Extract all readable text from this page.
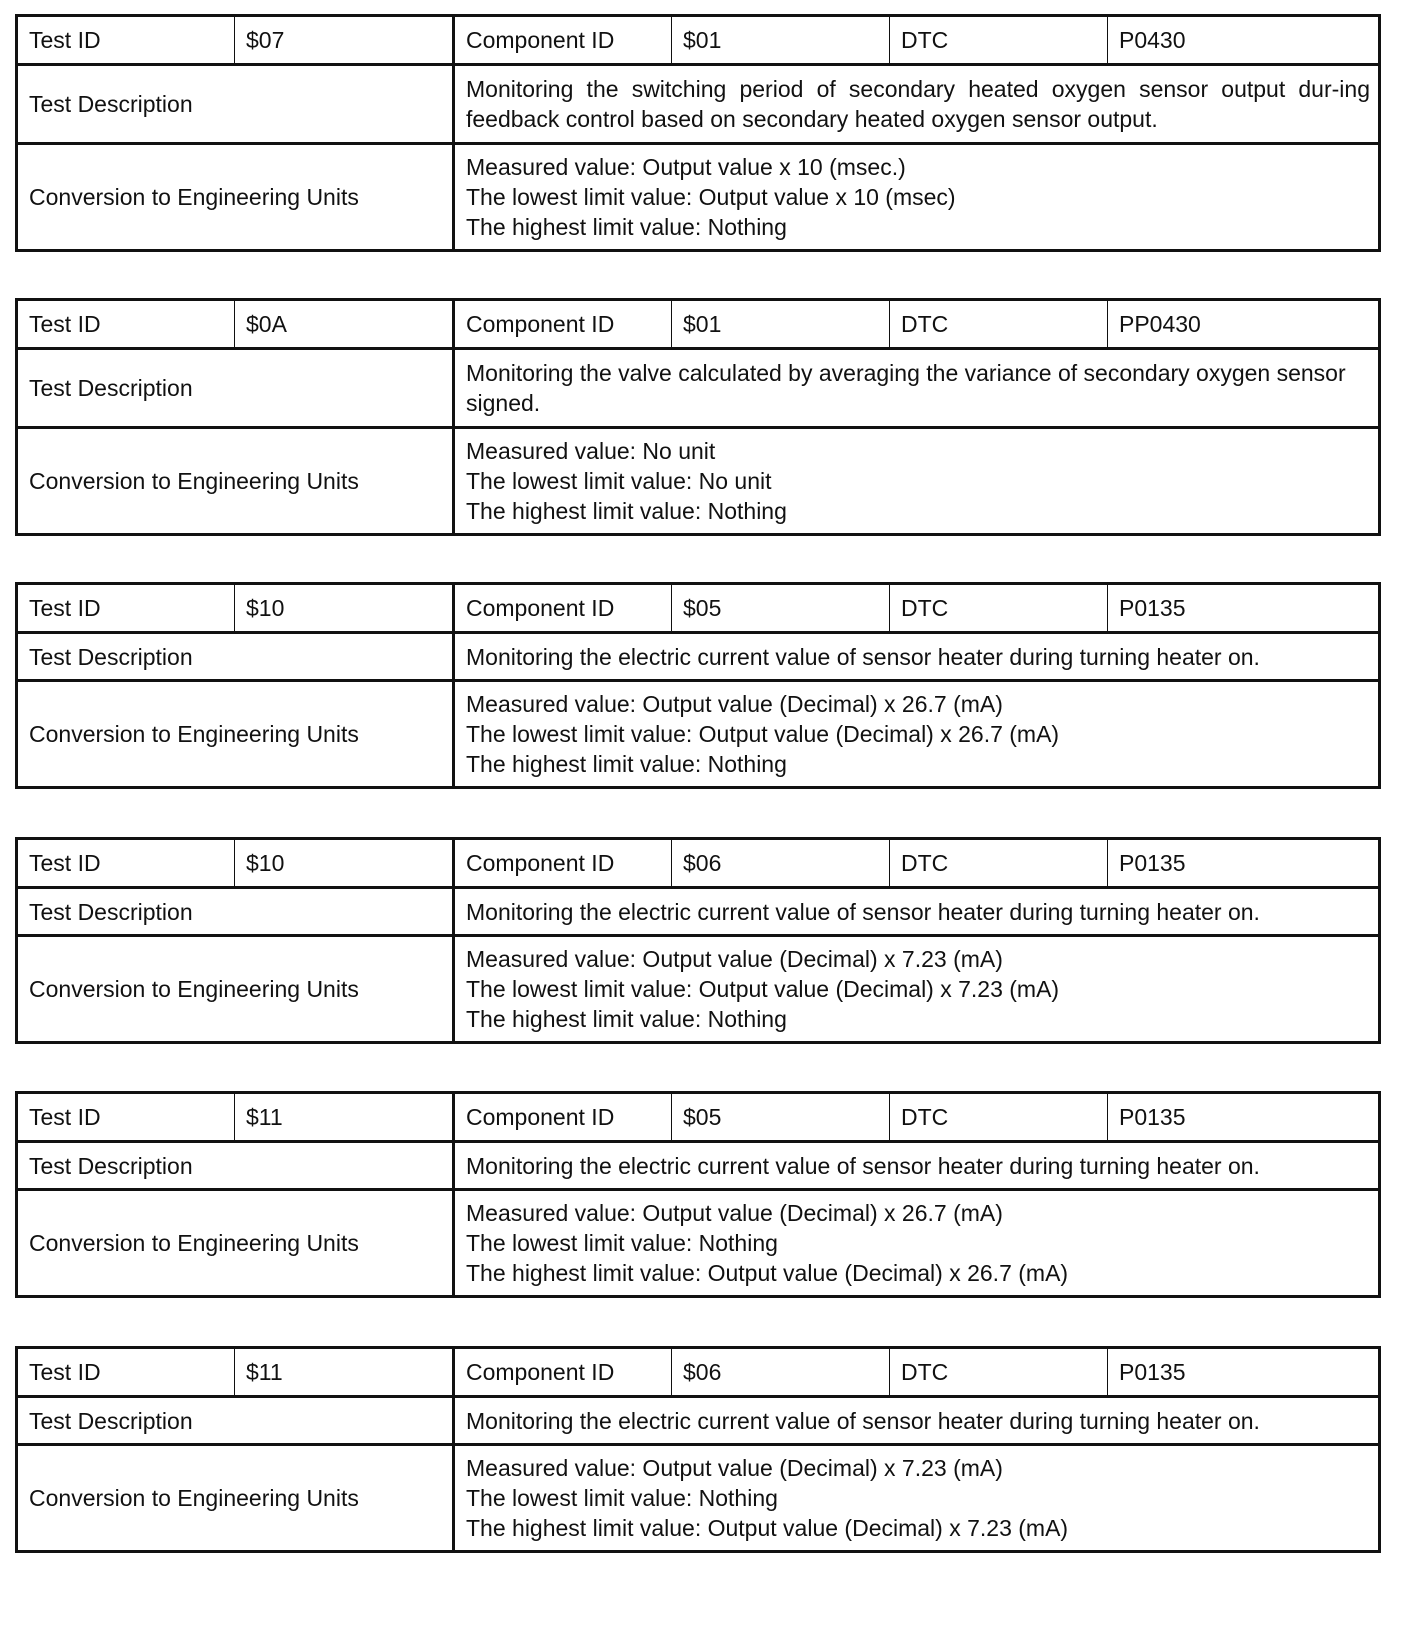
Test ID	$07	Component ID	$01	DTC	P0430
Test Description		Monitoring the switching period of secondary heated oxygen sensor output dur-ing feedback control based on secondary heated oxygen sensor output.			
Conversion to Engineering Units		Measured value: Output value x 10 (msec.)
The lowest limit value: Output value x 10 (msec)
The highest limit value: Nothing			
Test ID	$0A	Component ID	$01	DTC	PP0430
Test Description		Monitoring the valve calculated by averaging the variance of secondary oxygen sensor signed.			
Conversion to Engineering Units		Measured value: No unit
The lowest limit value: No unit
The highest limit value: Nothing			
Test ID	$10	Component ID	$05	DTC	P0135
Test Description		Monitoring the electric current value of sensor heater during turning heater on.			
Conversion to Engineering Units		Measured value: Output value (Decimal) x 26.7 (mA)
The lowest limit value: Output value (Decimal) x 26.7 (mA)
The highest limit value: Nothing			
Test ID	$10	Component ID	$06	DTC	P0135
Test Description		Monitoring the electric current value of sensor heater during turning heater on.			
Conversion to Engineering Units		Measured value: Output value (Decimal) x 7.23 (mA)
The lowest limit value: Output value (Decimal) x 7.23 (mA)
The highest limit value: Nothing			
Test ID	$11	Component ID	$05	DTC	P0135
Test Description		Monitoring the electric current value of sensor heater during turning heater on.			
Conversion to Engineering Units		Measured value: Output value (Decimal) x 26.7 (mA)
The lowest limit value: Nothing
The highest limit value: Output value (Decimal) x 26.7 (mA)			
Test ID	$11	Component ID	$06	DTC	P0135
Test Description		Monitoring the electric current value of sensor heater during turning heater on.			
Conversion to Engineering Units		Measured value: Output value (Decimal) x 7.23 (mA)
The lowest limit value: Nothing
The highest limit value: Output value (Decimal) x 7.23 (mA)			
